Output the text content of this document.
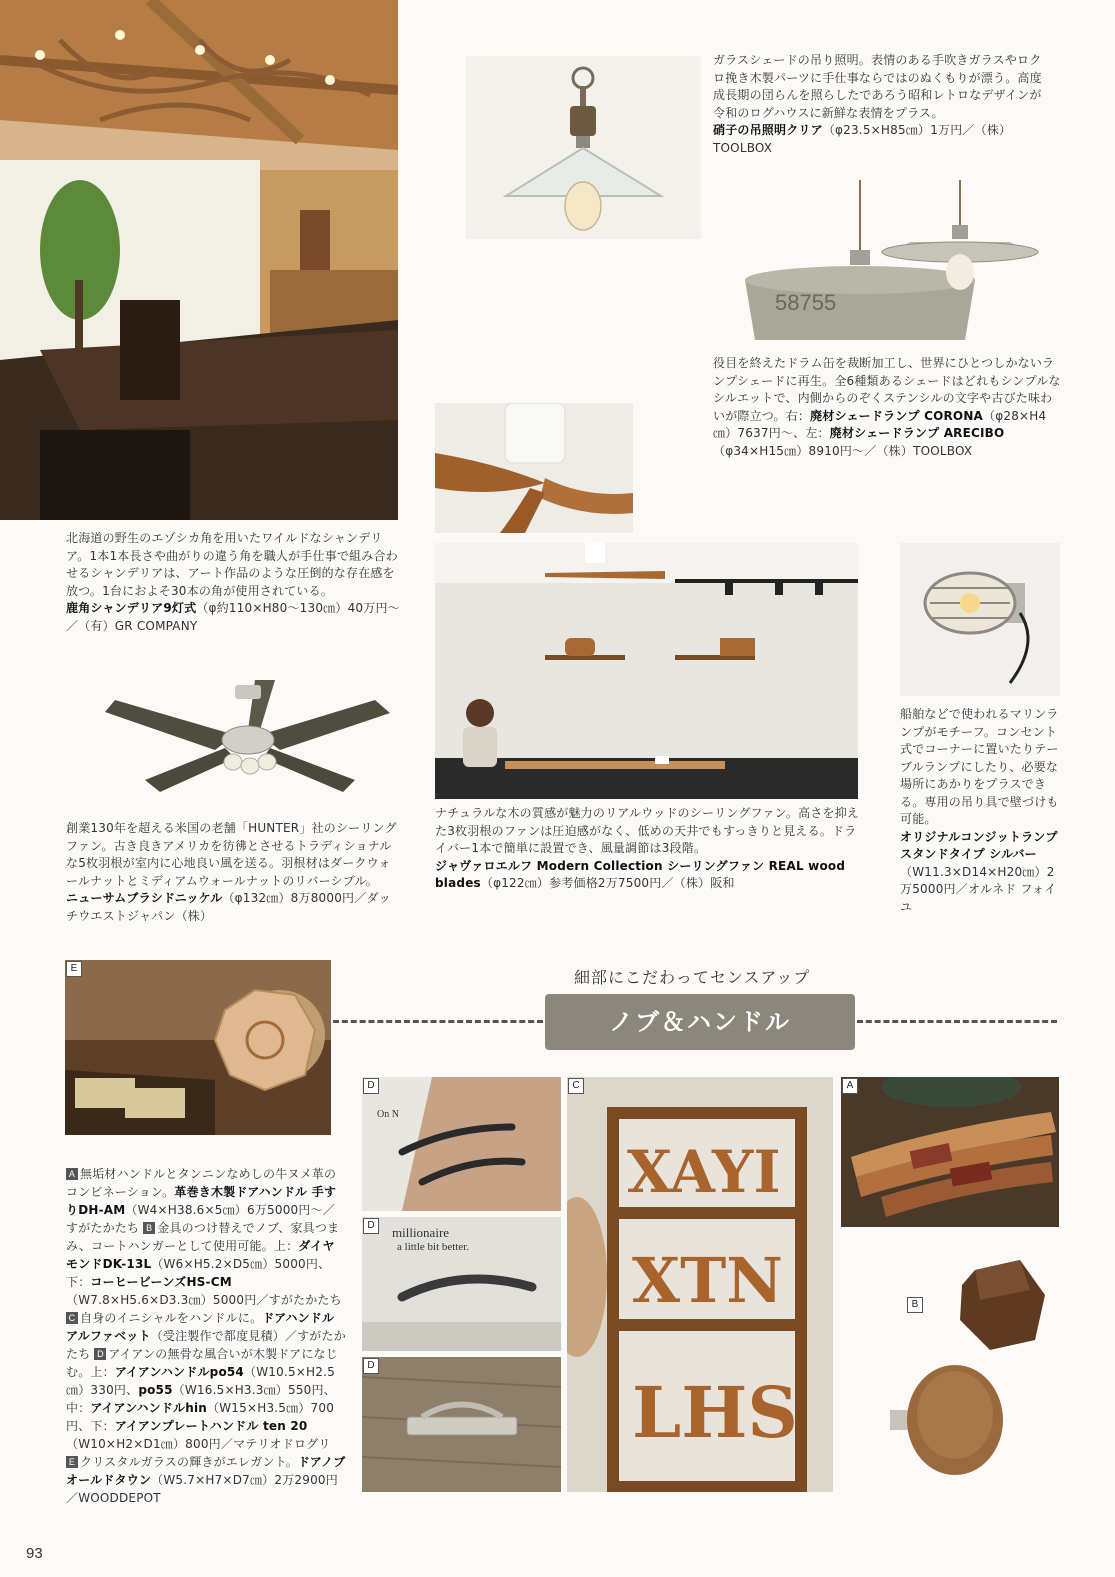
北海道の野生のエゾシカ角を用いたワイルドなシャンデリア。1本1本長さや曲がりの違う角を職人が手仕事で組み合わせるシャンデリアは、アート作品のような圧倒的な存在感を放つ。1台におよそ30本の角が使用されている。
鹿角シャンデリア9灯式（φ約110×H80～130㎝）40万円～／（有）GR COMPANY
ガラスシェードの吊り照明。表情のある手吹きガラスやロクロ挽き木製パーツに手仕事ならではのぬくもりが漂う。高度成長期の団らんを照らしたであろう昭和レトロなデザインが令和のログハウスに新鮮な表情をプラス。
硝子の吊照明クリア（φ23.5×H85㎝）1万円／（株）TOOLBOX
58755
役目を終えたドラム缶を裁断加工し、世界にひとつしかないランプシェードに再生。全6種類あるシェードはどれもシンプルなシルエットで、内側からのぞくステンシルの文字や古びた味わいが際立つ。右：廃材シェードランプ CORONA（φ28×H4㎝）7637円～、左：廃材シェードランプ ARECIBO（φ34×H15㎝）8910円～／（株）TOOLBOX
ナチュラルな木の質感が魅力のリアルウッドのシーリングファン。高さを抑えた3枚羽根のファンは圧迫感がなく、低めの天井でもすっきりと見える。ドライバー1本で簡単に設置でき、風量調節は3段階。
ジャヴァロエルフ Modern Collection シーリングファン REAL wood blades（φ122㎝）参考価格2万7500円／（株）阪和
創業130年を超える米国の老舗「HUNTER」社のシーリングファン。古き良きアメリカを彷彿とさせるトラディショナルな5枚羽根が室内に心地良い風を送る。羽根材はダークウォールナットとミディアムウォールナットのリバーシブル。
ニューサムブラシドニッケル（φ132㎝）8万8000円／ダッチウエストジャパン（株）
船舶などで使われるマリンランプがモチーフ。コンセント式でコーナーに置いたりテーブルランプにしたり、必要な場所にあかりをプラスできる。専用の吊り具で壁づけも可能。
オリジナルコンジットランプ スタンドタイプ シルバー（W11.3×D14×H20㎝）2万5000円／オルネド フォイユ
細部にこだわってセンスアップ
ノブ＆ハンドル
E
On N
D
millionaire
a little bit better.
D
D
XAYI
XTN
LHS
C	A
B
A 無垢材ハンドルとタンニンなめしの牛ヌメ革のコンビネーション。革巻き木製ドアハンドル 手すりDH-AM（W4×H38.6×5㎝）6万5000円～／すがたかたち B 金具のつけ替えでノブ、家具つまみ、コートハンガーとして使用可能。上：ダイヤモンドDK-13L（W6×H5.2×D5㎝）5000円、下：コーヒービーンズHS-CM（W7.8×H5.6×D3.3㎝）5000円／すがたかたち C 自身のイニシャルをハンドルに。ドアハンドルアルファベット（受注製作で都度見積）／すがたかたち D アイアンの無骨な風合いが木製ドアになじむ。上：アイアンハンドルpo54（W10.5×H2.5㎝）330円、po55（W16.5×H3.3㎝）550円、中：アイアンハンドルhin（W15×H3.5㎝）700円、下：アイアンプレートハンドル ten 20（W10×H2×D1㎝）800円／マテリオドログリ E クリスタルガラスの輝きがエレガント。ドアノブオールドタウン（W5.7×H7×D7㎝）2万2900円／WOODDEPOT
93
